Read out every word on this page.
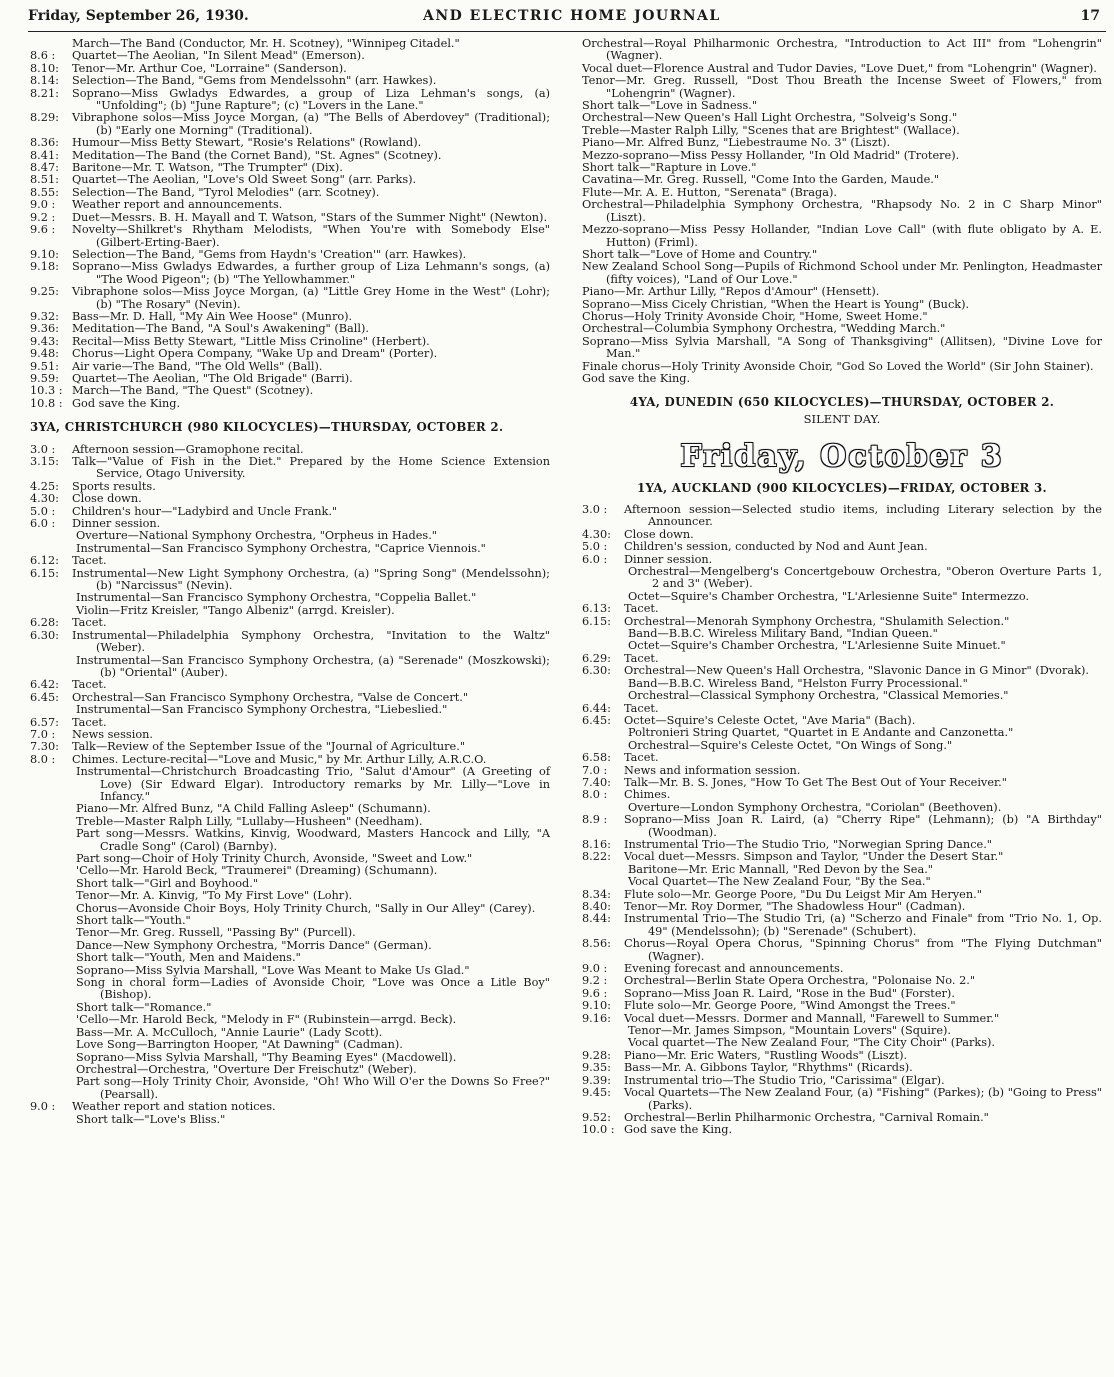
Friday, September 26, 1930.	AND ELECTRIC HOME JOURNAL	17
March—The Band (Conductor, Mr. H. Scotney), "Winnipeg Citadel."
8.6 :	Quartet—The Aeolian, "In Silent Mead" (Emerson).
8.10:	Tenor—Mr. Arthur Coe, "Lorraine" (Sanderson).
8.14:	Selection—The Band, "Gems from Mendelssohn" (arr. Hawkes).
8.21:	Soprano—Miss Gwladys Edwardes, a group of Liza Lehman's songs, (a) "Unfolding"; (b) "June Rapture"; (c) "Lovers in the Lane."
8.29:	Vibraphone solos—Miss Joyce Morgan, (a) "The Bells of Aberdovey" (Traditional); (b) "Early one Morning" (Traditional).
8.36:	Humour—Miss Betty Stewart, "Rosie's Relations" (Rowland).
8.41:	Meditation—The Band (the Cornet Band), "St. Agnes" (Scotney).
8.47:	Baritone—Mr. T. Watson, "The Trumpter" (Dix).
8.51:	Quartet—The Aeolian, "Love's Old Sweet Song" (arr. Parks).
8.55:	Selection—The Band, "Tyrol Melodies" (arr. Scotney).
9.0 :	Weather report and announcements.
9.2 :	Duet—Messrs. B. H. Mayall and T. Watson, "Stars of the Summer Night" (Newton).
9.6 :	Novelty—Shilkret's Rhytham Melodists, "When You're with Somebody Else" (Gilbert-Erting-Baer).
9.10:	Selection—The Band, "Gems from Haydn's 'Creation'" (arr. Hawkes).
9.18:	Soprano—Miss Gwladys Edwardes, a further group of Liza Lehmann's songs, (a) "The Wood Pigeon"; (b) "The Yellowhammer."
9.25:	Vibraphone solos—Miss Joyce Morgan, (a) "Little Grey Home in the West" (Lohr); (b) "The Rosary" (Nevin).
9.32:	Bass—Mr. D. Hall, "My Ain Wee Hoose" (Munro).
9.36:	Meditation—The Band, "A Soul's Awakening" (Ball).
9.43:	Recital—Miss Betty Stewart, "Little Miss Crinoline" (Herbert).
9.48:	Chorus—Light Opera Company, "Wake Up and Dream" (Porter).
9.51:	Air varie—The Band, "The Old Wells" (Ball).
9.59:	Quartet—The Aeolian, "The Old Brigade" (Barri).
10.3 : March—The Band, "The Quest" (Scotney).
10.8 : God save the King.
3YA, CHRISTCHURCH (980 KILOCYCLES)—THURSDAY, OCTOBER 2.
3.0 :	Afternoon session—Gramophone recital.
3.15:	Talk—"Value of Fish in the Diet." Prepared by the Home Science Extension Service, Otago University.
4.25:	Sports results.
4.30:	Close down.
5.0 :	Children's hour—"Ladybird and Uncle Frank."
6.0 :	Dinner session.
Overture—National Symphony Orchestra, "Orpheus in Hades."
Instrumental—San Francisco Symphony Orchestra, "Caprice Viennois."
6.12:	Tacet.
6.15:	Instrumental—New Light Symphony Orchestra, (a) "Spring Song" (Mendelssohn); (b) "Narcissus" (Nevin).
Instrumental—San Francisco Symphony Orchestra, "Coppelia Ballet."
Violin—Fritz Kreisler, "Tango Albeniz" (arrgd. Kreisler).
6.28:	Tacet.
6.30:	Instrumental—Philadelphia Symphony Orchestra, "Invitation to the Waltz" (Weber).
Instrumental—San Francisco Symphony Orchestra, (a) "Serenade" (Moszkowski); (b) "Oriental" (Auber).
6.42:	Tacet.
6.45:	Orchestral—San Francisco Symphony Orchestra, "Valse de Concert."
Instrumental—San Francisco Symphony Orchestra, "Liebeslied."
6.57:	Tacet.
7.0 :	News session.
7.30:	Talk—Review of the September Issue of the "Journal of Agriculture."
8.0 :	Chimes. Lecture-recital—"Love and Music," by Mr. Arthur Lilly, A.R.C.O.
Instrumental—Christchurch Broadcasting Trio, "Salut d'Amour" (A Greeting of Love) (Sir Edward Elgar). Introductory remarks by Mr. Lilly—"Love in Infancy."
Piano—Mr. Alfred Bunz, "A Child Falling Asleep" (Schumann).
Treble—Master Ralph Lilly, "Lullaby—Husheen" (Needham).
Part song—Messrs. Watkins, Kinvig, Woodward, Masters Hancock and Lilly, "A Cradle Song" (Carol) (Barnby).
Part song—Choir of Holy Trinity Church, Avonside, "Sweet and Low."
'Cello—Mr. Harold Beck, "Traumerei" (Dreaming) (Schumann).
Short talk—"Girl and Boyhood."
Tenor—Mr. A. Kinvig, "To My First Love" (Lohr).
Chorus—Avonside Choir Boys, Holy Trinity Church, "Sally in Our Alley" (Carey).
Short talk—"Youth."
Tenor—Mr. Greg. Russell, "Passing By" (Purcell).
Dance—New Symphony Orchestra, "Morris Dance" (German).
Short talk—"Youth, Men and Maidens."
Soprano—Miss Sylvia Marshall, "Love Was Meant to Make Us Glad."
Song in choral form—Ladies of Avonside Choir, "Love was Once a Litle Boy" (Bishop).
Short talk—"Romance."
'Cello—Mr. Harold Beck, "Melody in F" (Rubinstein—arrgd. Beck).
Bass—Mr. A. McCulloch, "Annie Laurie" (Lady Scott).
Love Song—Barrington Hooper, "At Dawning" (Cadman).
Soprano—Miss Sylvia Marshall, "Thy Beaming Eyes" (Macdowell).
Orchestral—Orchestra, "Overture Der Freischutz" (Weber).
Part song—Holy Trinity Choir, Avonside, "Oh! Who Will O'er the Downs So Free?" (Pearsall).
9.0 :	Weather report and station notices.
Short talk—"Love's Bliss."
Orchestral—Royal Philharmonic Orchestra, "Introduction to Act III" from "Lohengrin" (Wagner).
Vocal duet—Florence Austral and Tudor Davies, "Love Duet," from "Lohengrin" (Wagner).
Tenor—Mr. Greg. Russell, "Dost Thou Breath the Incense Sweet of Flowers," from "Lohengrin" (Wagner).
Short talk—"Love in Sadness."
Orchestral—New Queen's Hall Light Orchestra, "Solveig's Song."
Treble—Master Ralph Lilly, "Scenes that are Brightest" (Wallace).
Piano—Mr. Alfred Bunz, "Liebestraume No. 3" (Liszt).
Mezzo-soprano—Miss Pessy Hollander, "In Old Madrid" (Trotere).
Short talk—"Rapture in Love."
Cavatina—Mr. Greg. Russell, "Come Into the Garden, Maude."
Flute—Mr. A. E. Hutton, "Serenata" (Braga).
Orchestral—Philadelphia Symphony Orchestra, "Rhapsody No. 2 in C Sharp Minor" (Liszt).
Mezzo-soprano—Miss Pessy Hollander, "Indian Love Call" (with flute obligato by A. E. Hutton) (Friml).
Short talk—"Love of Home and Country."
New Zealand School Song—Pupils of Richmond School under Mr. Penlington, Headmaster (fifty voices), "Land of Our Love."
Piano—Mr. Arthur Lilly, "Repos d'Amour" (Hensett).
Soprano—Miss Cicely Christian, "When the Heart is Young" (Buck).
Chorus—Holy Trinity Avonside Choir, "Home, Sweet Home."
Orchestral—Columbia Symphony Orchestra, "Wedding March."
Soprano—Miss Sylvia Marshall, "A Song of Thanksgiving" (Allitsen), "Divine Love for Man."
Finale chorus—Holy Trinity Avonside Choir, "God So Loved the World" (Sir John Stainer).
God save the King.
4YA, DUNEDIN (650 KILOCYCLES)—THURSDAY, OCTOBER 2.
SILENT DAY.
Friday, October 3
1YA, AUCKLAND (900 KILOCYCLES)—FRIDAY, OCTOBER 3.
3.0 :	Afternoon session—Selected studio items, including Literary selection by the Announcer.
4.30:	Close down.
5.0 :	Children's session, conducted by Nod and Aunt Jean.
6.0 :	Dinner session.
Orchestral—Mengelberg's Concertgebouw Orchestra, "Oberon Overture Parts 1, 2 and 3" (Weber).
Octet—Squire's Chamber Orchestra, "L'Arlesienne Suite" Intermezzo.
6.13:	Tacet.
6.15:	Orchestral—Menorah Symphony Orchestra, "Shulamith Selection."
Band—B.B.C. Wireless Military Band, "Indian Queen."
Octet—Squire's Chamber Orchestra, "L'Arlesienne Suite Minuet."
6.29:	Tacet.
6.30:	Orchestral—New Queen's Hall Orchestra, "Slavonic Dance in G Minor" (Dvorak).
Band—B.B.C. Wireless Band, "Helston Furry Processional."
Orchestral—Classical Symphony Orchestra, "Classical Memories."
6.44:	Tacet.
6.45:	Octet—Squire's Celeste Octet, "Ave Maria" (Bach).
Poltronieri String Quartet, "Quartet in E Andante and Canzonetta."
Orchestral—Squire's Celeste Octet, "On Wings of Song."
6.58:	Tacet.
7.0 :	News and information session.
7.40:	Talk—Mr. B. S. Jones, "How To Get The Best Out of Your Receiver."
8.0 :	Chimes.
Overture—London Symphony Orchestra, "Coriolan" (Beethoven).
8.9 :	Soprano—Miss Joan R. Laird, (a) "Cherry Ripe" (Lehmann); (b) "A Birthday" (Woodman).
8.16:	Instrumental Trio—The Studio Trio, "Norwegian Spring Dance."
8.22:	Vocal duet—Messrs. Simpson and Taylor, "Under the Desert Star."
Baritone—Mr. Eric Mannall, "Red Devon by the Sea."
Vocal Quartet—The New Zealand Four, "By the Sea."
8.34:	Flute solo—Mr. George Poore, "Du Du Leigst Mir Am Heryen."
8.40:	Tenor—Mr. Roy Dormer, "The Shadowless Hour" (Cadman).
8.44:	Instrumental Trio—The Studio Tri, (a) "Scherzo and Finale" from "Trio No. 1, Op. 49" (Mendelssohn); (b) "Serenade" (Schubert).
8.56:	Chorus—Royal Opera Chorus, "Spinning Chorus" from "The Flying Dutchman" (Wagner).
9.0 :	Evening forecast and announcements.
9.2 :	Orchestral—Berlin State Opera Orchestra, "Polonaise No. 2."
9.6 :	Soprano—Miss Joan R. Laird, "Rose in the Bud" (Forster).
9.10:	Flute solo—Mr. George Poore, "Wind Amongst the Trees."
9.16:	Vocal duet—Messrs. Dormer and Mannall, "Farewell to Summer."
Tenor—Mr. James Simpson, "Mountain Lovers" (Squire).
Vocal quartet—The New Zealand Four, "The City Choir" (Parks).
9.28:	Piano—Mr. Eric Waters, "Rustling Woods" (Liszt).
9.35:	Bass—Mr. A. Gibbons Taylor, "Rhythms" (Ricards).
9.39:	Instrumental trio—The Studio Trio, "Carissima" (Elgar).
9.45:	Vocal Quartets—The New Zealand Four, (a) "Fishing" (Parkes); (b) "Going to Press" (Parks).
9.52:	Orchestral—Berlin Philharmonic Orchestra, "Carnival Romain."
10.0 : God save the King.
